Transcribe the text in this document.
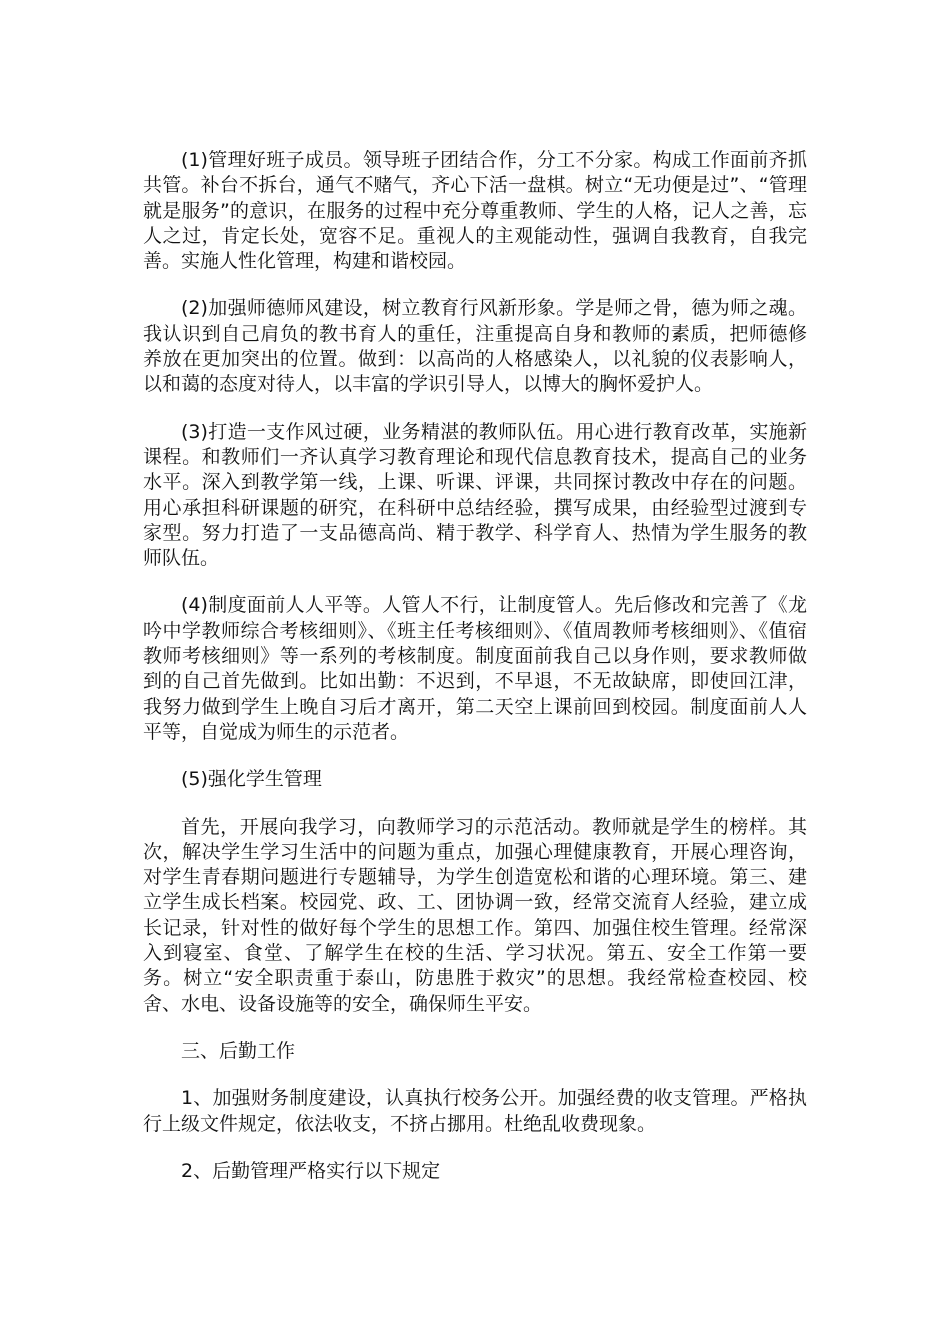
(1)管理好班子成员。领导班子团结合作，分工不分家。构成工作面前齐抓共管。补台不拆台，通气不赌气，齐心下活一盘棋。树立“无功便是过”、“管理就是服务”的意识，在服务的过程中充分尊重教师、学生的人格，记人之善，忘人之过，肯定长处，宽容不足。重视人的主观能动性，强调自我教育，自我完善。实施人性化管理，构建和谐校园。

(2)加强师德师风建设，树立教育行风新形象。学是师之骨，德为师之魂。我认识到自己肩负的教书育人的重任，注重提高自身和教师的素质，把师德修养放在更加突出的位置。做到：以高尚的人格感染人，以礼貌的仪表影响人，以和蔼的态度对待人，以丰富的学识引导人，以博大的胸怀爱护人。

(3)打造一支作风过硬，业务精湛的教师队伍。用心进行教育改革，实施新课程。和教师们一齐认真学习教育理论和现代信息教育技术，提高自己的业务水平。深入到教学第一线，上课、听课、评课，共同探讨教改中存在的问题。用心承担科研课题的研究，在科研中总结经验，撰写成果，由经验型过渡到专家型。努力打造了一支品德高尚、精于教学、科学育人、热情为学生服务的教师队伍。

(4)制度面前人人平等。人管人不行，让制度管人。先后修改和完善了《龙吟中学教师综合考核细则》、《班主任考核细则》、《值周教师考核细则》、《值宿教师考核细则》等一系列的考核制度。制度面前我自己以身作则，要求教师做到的自己首先做到。比如出勤：不迟到，不早退，不无故缺席，即使回江津，我努力做到学生上晚自习后才离开，第二天空上课前回到校园。制度面前人人平等，自觉成为师生的示范者。

(5)强化学生管理

首先，开展向我学习，向教师学习的示范活动。教师就是学生的榜样。其次，解决学生学习生活中的问题为重点，加强心理健康教育，开展心理咨询，对学生青春期问题进行专题辅导，为学生创造宽松和谐的心理环境。第三、建立学生成长档案。校园党、政、工、团协调一致，经常交流育人经验，建立成长记录，针对性的做好每个学生的思想工作。第四、加强住校生管理。经常深入到寝室、食堂、了解学生在校的生活、学习状况。第五、安全工作第一要务。树立“安全职责重于泰山，防患胜于救灾”的思想。我经常检查校园、校舍、水电、设备设施等的安全，确保师生平安。

三、后勤工作

1、加强财务制度建设，认真执行校务公开。加强经费的收支管理。严格执行上级文件规定，依法收支，不挤占挪用。杜绝乱收费现象。

2、后勤管理严格实行以下规定
